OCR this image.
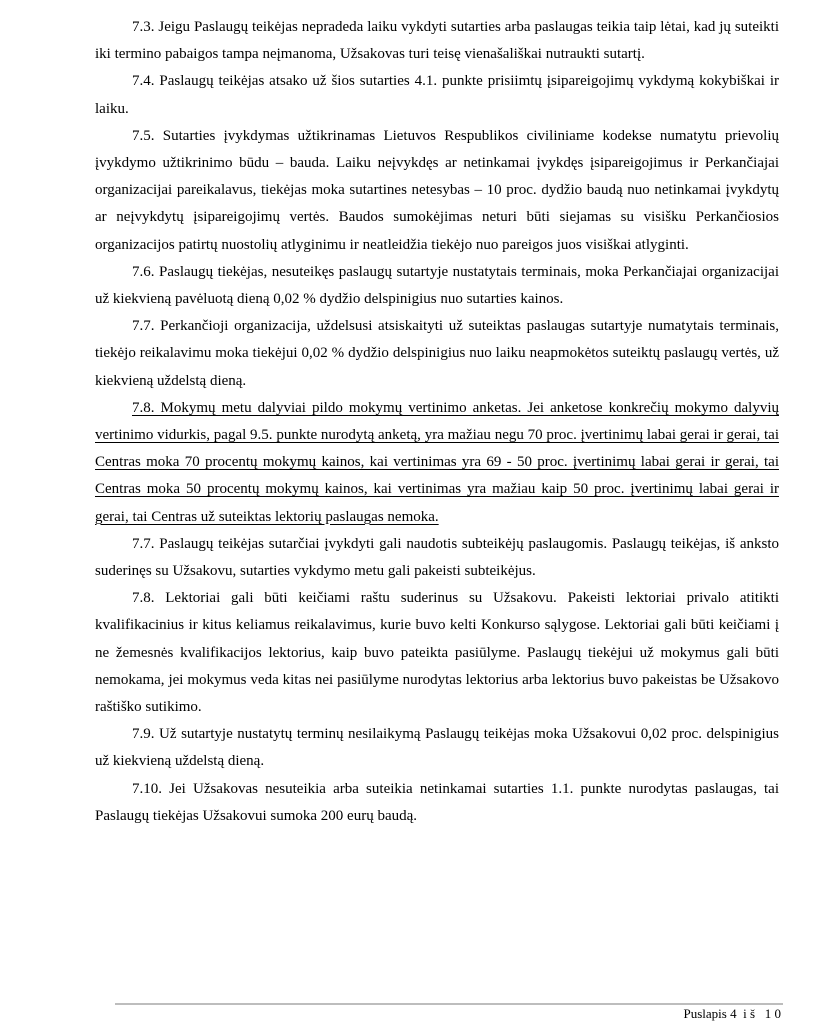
7.3. Jeigu Paslaugų teikėjas nepradeda laiku vykdyti sutarties arba paslaugas teikia taip lėtai, kad jų suteikti iki termino pabaigos tampa neįmanoma, Užsakovas turi teisę vienašališkai nutraukti sutartį.

7.4. Paslaugų teikėjas atsako už šios sutarties 4.1. punkte prisiimtų įsipareigojimų vykdymą kokybiškai ir laiku.

7.5. Sutarties įvykdymas užtikrinamas Lietuvos Respublikos civiliniame kodekse numatytu prievolių įvykdymo užtikrinimo būdu – bauda. Laiku neįvykdęs ar netinkamai įvykdęs įsipareigojimus ir Perkančiajai organizacijai pareikalavus, tiekėjas moka sutartines netesybas – 10 proc. dydžio baudą nuo netinkamai įvykdytų ar neįvykdytų įsipareigojimų vertės. Baudos sumokėjimas neturi būti siejamas su visišku Perkančiosios organizacijos patirtų nuostolių atlyginimu ir neatleidžia tiekėjo nuo pareigos juos visiškai atlyginti.

7.6. Paslaugų tiekėjas, nesuteikęs paslaugų sutartyje nustatytais terminais, moka Perkančiajai organizacijai už kiekvieną pavėluotą dieną 0,02 % dydžio delspinigius nuo sutarties kainos.

7.7. Perkančioji organizacija, uždelsusi atsiskaityti už suteiktas paslaugas sutartyje numatytais terminais, tiekėjo reikalavimu moka tiekėjui 0,02 % dydžio delspinigius nuo laiku neapmokėtos suteiktų paslaugų vertės, už kiekvieną uždelstą dieną.

7.8. Mokymų metu dalyviai pildo mokymų vertinimo anketas. Jei anketose konkrečių mokymo dalyvių vertinimo vidurkis, pagal 9.5. punkte nurodytą anketą, yra mažiau negu 70 proc. įvertinimų labai gerai ir gerai, tai Centras moka 70 procentų mokymų kainos, kai vertinimas yra 69 - 50 proc. įvertinimų labai gerai ir gerai, tai Centras moka 50 procentų mokymų kainos, kai vertinimas yra mažiau kaip 50 proc. įvertinimų labai gerai ir gerai, tai Centras už suteiktas lektorių paslaugas nemoka.

7.7. Paslaugų teikėjas sutarčiai įvykdyti gali naudotis subteikėjų paslaugomis. Paslaugų teikėjas, iš anksto suderinęs su Užsakovu, sutarties vykdymo metu gali pakeisti subteikėjus.

7.8. Lektoriai gali būti keičiami raštu suderinus su Užsakovu. Pakeisti lektoriai privalo atitikti kvalifikacinius ir kitus keliamus reikalavimus, kurie buvo kelti Konkurso sąlygose. Lektoriai gali būti keičiami į ne žemesnės kvalifikacijos lektorius, kaip buvo pateikta pasiūlyme. Paslaugų tiekėjui už mokymus gali būti nemokama, jei mokymus veda kitas nei pasiūlyme nurodytas lektorius arba lektorius buvo pakeistas be Užsakovo raštiško sutikimo.

7.9. Už sutartyje nustatytų terminų nesilaikymą Paslaugų teikėjas moka Užsakovui 0,02 proc. delspinigius už kiekvieną uždelstą dieną.

7.10. Jei Užsakovas nesuteikia arba suteikia netinkamai sutarties 1.1. punkte nurodytas paslaugas, tai Paslaugų tiekėjas Užsakovui sumoka 200 eurų baudą.

Puslapis 4  i š   1 0
